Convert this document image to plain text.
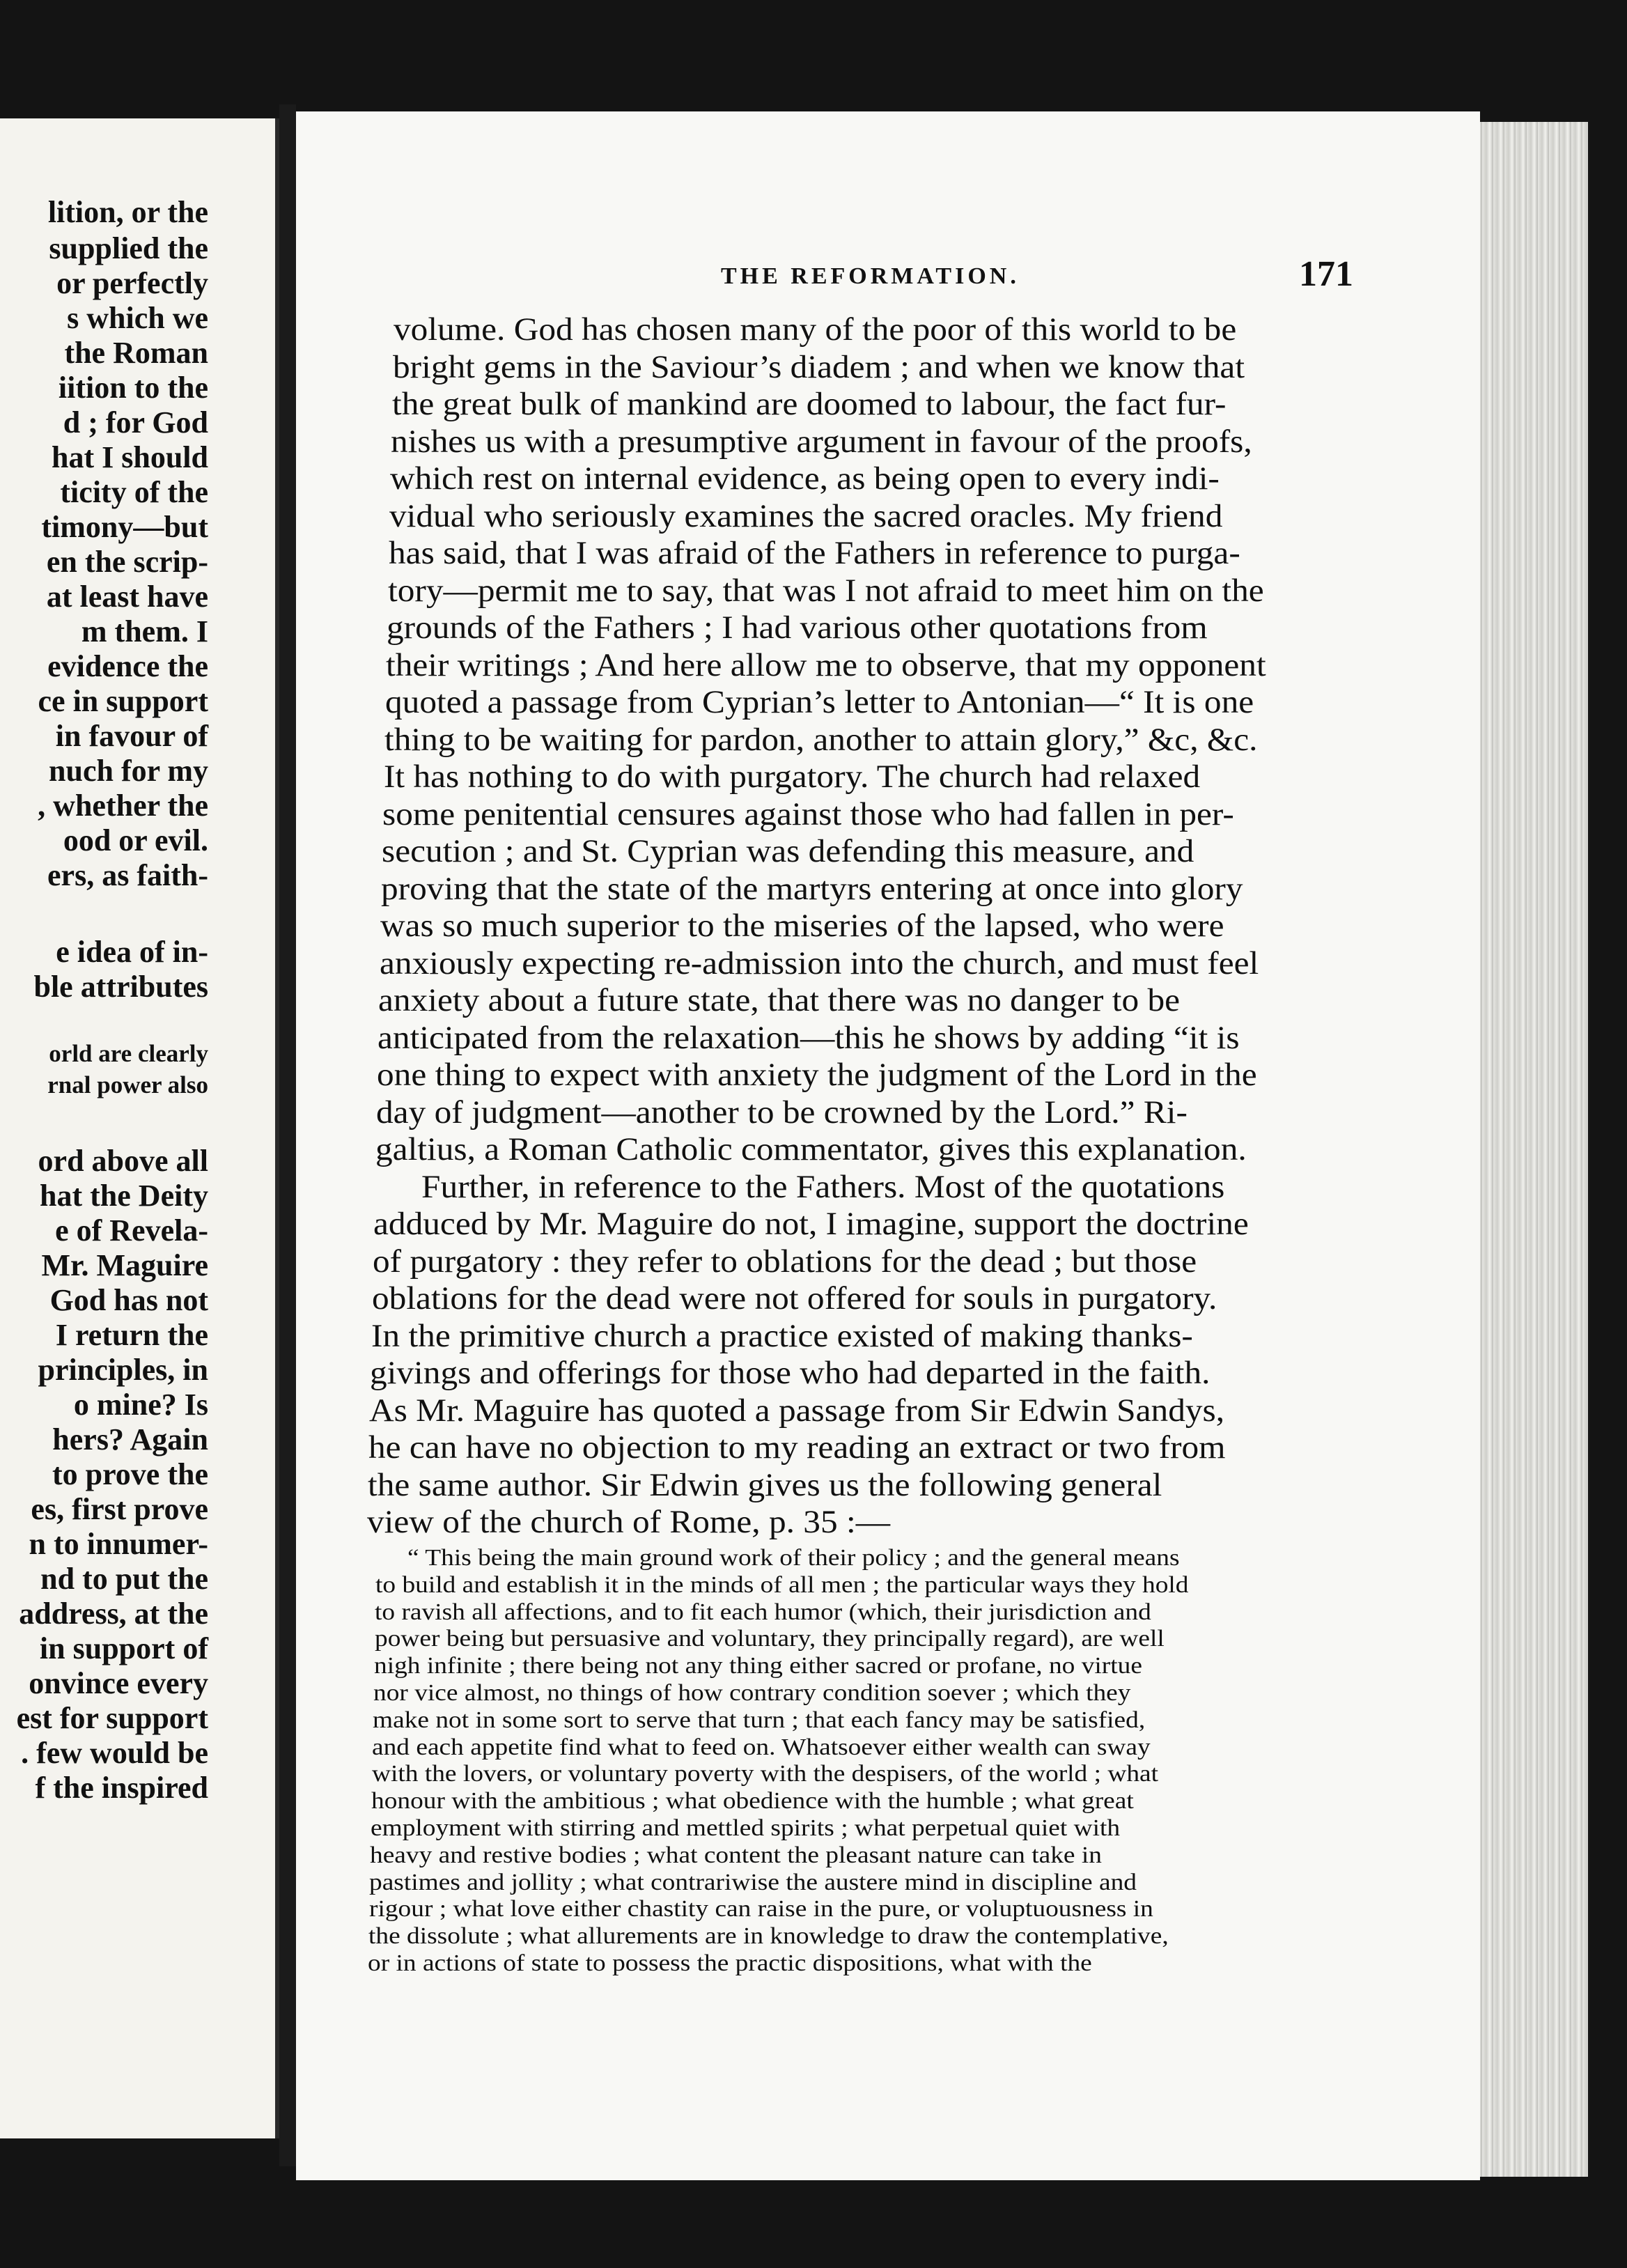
lition, or the
supplied the
or perfectly
s which we
the Roman
iition to the
d ; for God
hat I should
ticity of the
timony—but
en the scrip-
at least have
m them. I
evidence the
ce in support
in favour of
nuch for my
, whether the
ood or evil.
ers, as faith-
e idea of in-
ble attributes
orld are clearly
rnal power also
ord above all
hat the Deity
e of Revela-
Mr. Maguire
God has not
I return the
principles, in
o mine? Is
hers? Again
to prove the
es, first prove
n to innumer-
nd to put the
address, at the
in support of
onvince every
est for support
. few would be
f the inspired
THE REFORMATION.	171
volume. God has chosen many of the poor of this world to be
bright gems in the Saviour’s diadem ; and when we know that
the great bulk of mankind are doomed to labour, the fact fur-
nishes us with a presumptive argument in favour of the proofs,
which rest on internal evidence, as being open to every indi-
vidual who seriously examines the sacred oracles. My friend
has said, that I was afraid of the Fathers in reference to purga-
tory—permit me to say, that was I not afraid to meet him on the
grounds of the Fathers ; I had various other quotations from
their writings ; And here allow me to observe, that my opponent
quoted a passage from Cyprian’s letter to Antonian—“ It is one
thing to be waiting for pardon, another to attain glory,” &c, &c.
It has nothing to do with purgatory. The church had relaxed
some penitential censures against those who had fallen in per-
secution ; and St. Cyprian was defending this measure, and
proving that the state of the martyrs entering at once into glory
was so much superior to the miseries of the lapsed, who were
anxiously expecting re-admission into the church, and must feel
anxiety about a future state, that there was no danger to be
anticipated from the relaxation—this he shows by adding “it is
one thing to expect with anxiety the judgment of the Lord in the
day of judgment—another to be crowned by the Lord.” Ri-
galtius, a Roman Catholic commentator, gives this explanation.
Further, in reference to the Fathers. Most of the quotations
adduced by Mr. Maguire do not, I imagine, support the doctrine
of purgatory : they refer to oblations for the dead ; but those
oblations for the dead were not offered for souls in purgatory.
In the primitive church a practice existed of making thanks-
givings and offerings for those who had departed in the faith.
As Mr. Maguire has quoted a passage from Sir Edwin Sandys,
he can have no objection to my reading an extract or two from
the same author. Sir Edwin gives us the following general
view of the church of Rome, p. 35 :—
“ This being the main ground work of their policy ; and the general means
to build and establish it in the minds of all men ; the particular ways they hold
to ravish all affections, and to fit each humor (which, their jurisdiction and
power being but persuasive and voluntary, they principally regard), are well
nigh infinite ; there being not any thing either sacred or profane, no virtue
nor vice almost, no things of how contrary condition soever ; which they
make not in some sort to serve that turn ; that each fancy may be satisfied,
and each appetite find what to feed on. Whatsoever either wealth can sway
with the lovers, or voluntary poverty with the despisers, of the world ; what
honour with the ambitious ; what obedience with the humble ; what great
employment with stirring and mettled spirits ; what perpetual quiet with
heavy and restive bodies ; what content the pleasant nature can take in
pastimes and jollity ; what contrariwise the austere mind in discipline and
rigour ; what love either chastity can raise in the pure, or voluptuousness in
the dissolute ; what allurements are in knowledge to draw the contemplative,
or in actions of state to possess the practic dispositions, what with the
